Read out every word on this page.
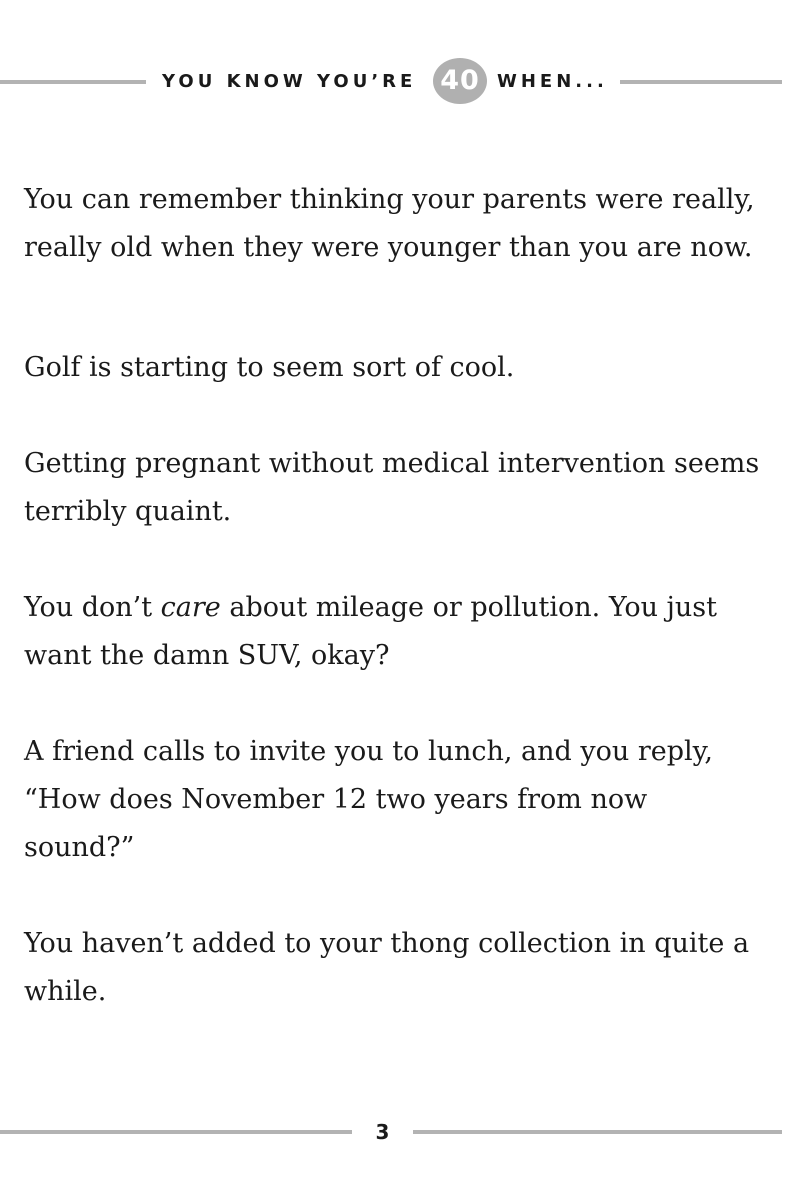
YOU KNOW YOU’RE 40 WHEN...

You can remember thinking your parents were really, really old when they were younger than you are now.

Golf is starting to seem sort of cool.

Getting pregnant without medical intervention seems terribly quaint.

You don’t care about mileage or pollution. You just want the damn SUV, okay?

A friend calls to invite you to lunch, and you reply, “How does November 12 two years from now sound?”

You haven’t added to your thong collection in quite a while.

3
